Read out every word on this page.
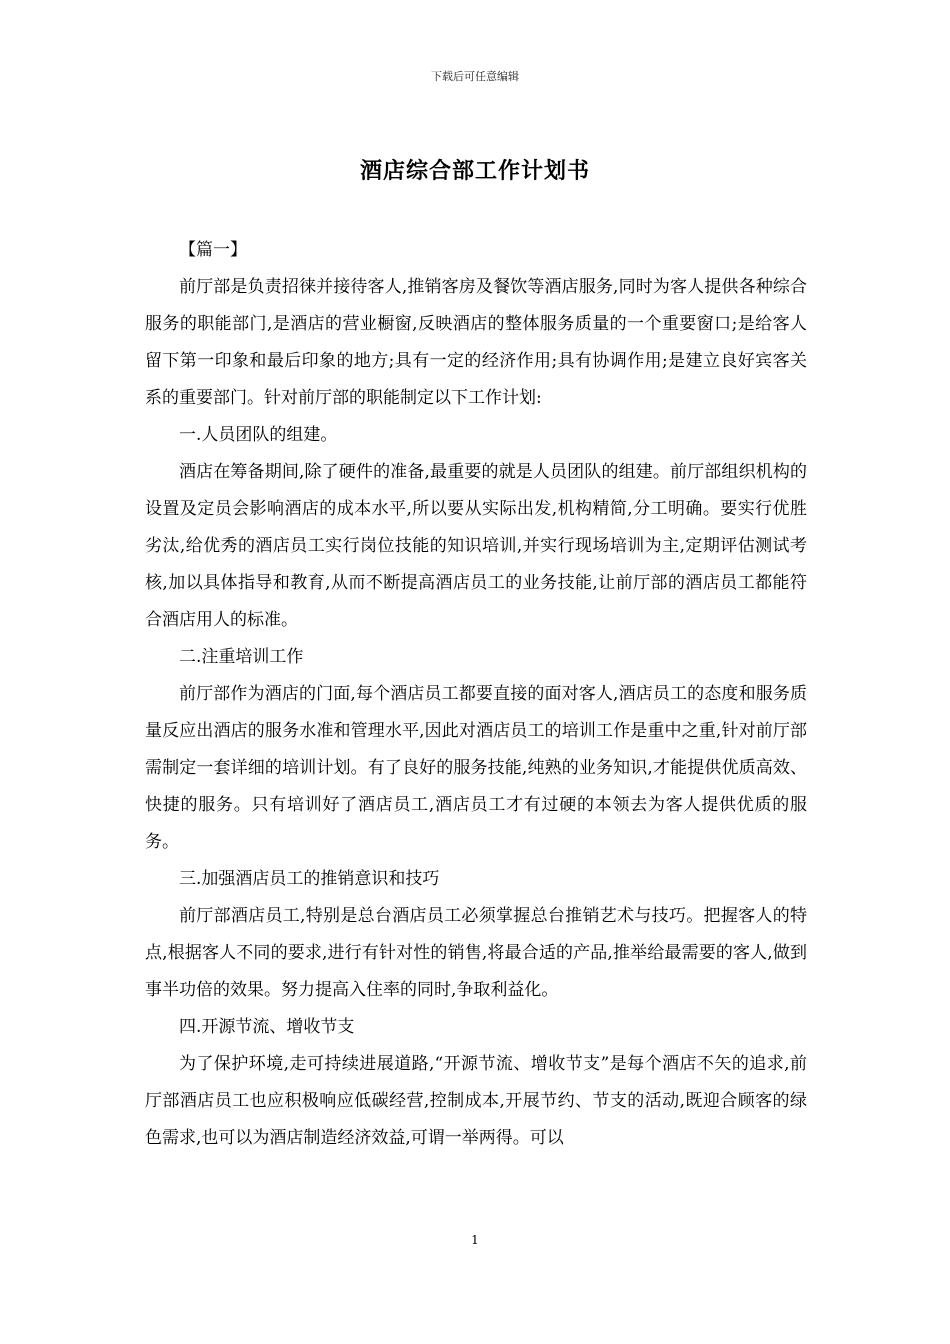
下载后可任意编辑
酒店综合部工作计划书

【篇一】

前厅部是负责招徕并接待客人,推销客房及餐饮等酒店服务,同时为客人提供各种综合服务的职能部门,是酒店的营业橱窗,反映酒店的整体服务质量的一个重要窗口;是给客人留下第一印象和最后印象的地方;具有一定的经济作用;具有协调作用;是建立良好宾客关系的重要部门。针对前厅部的职能制定以下工作计划:

一.人员团队的组建。

酒店在筹备期间,除了硬件的准备,最重要的就是人员团队的组建。前厅部组织机构的设置及定员会影响酒店的成本水平,所以要从实际出发,机构精简,分工明确。要实行优胜劣汰,给优秀的酒店员工实行岗位技能的知识培训,并实行现场培训为主,定期评估测试考核,加以具体指导和教育,从而不断提高酒店员工的业务技能,让前厅部的酒店员工都能符合酒店用人的标准。

二.注重培训工作

前厅部作为酒店的门面,每个酒店员工都要直接的面对客人,酒店员工的态度和服务质量反应出酒店的服务水准和管理水平,因此对酒店员工的培训工作是重中之重,针对前厅部需制定一套详细的培训计划。有了良好的服务技能,纯熟的业务知识,才能提供优质高效、快捷的服务。只有培训好了酒店员工,酒店员工才有过硬的本领去为客人提供优质的服务。

三.加强酒店员工的推销意识和技巧

前厅部酒店员工,特别是总台酒店员工必须掌握总台推销艺术与技巧。把握客人的特点,根据客人不同的要求,进行有针对性的销售,将最合适的产品,推举给最需要的客人,做到事半功倍的效果。努力提高入住率的同时,争取利益化。

四.开源节流、增收节支

为了保护环境,走可持续进展道路,“开源节流、增收节支”是每个酒店不矢的追求,前厅部酒店员工也应积极响应低碳经营,控制成本,开展节约、节支的活动,既迎合顾客的绿色需求,也可以为酒店制造经济效益,可谓一举两得。可以

1
